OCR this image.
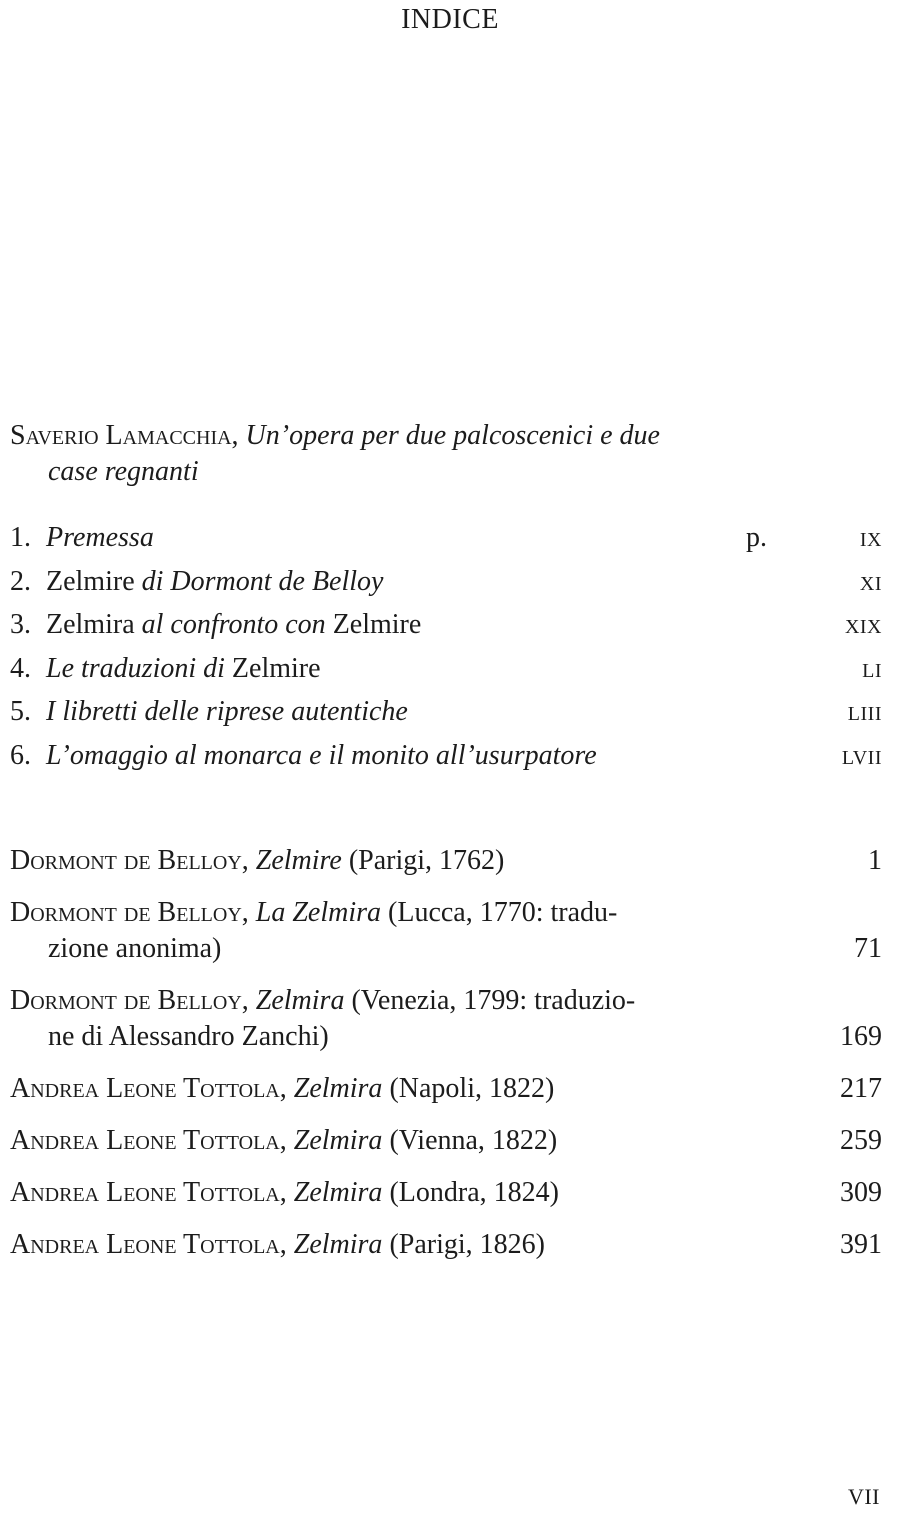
INDICE
Saverio Lamacchia, Un’opera per due palcoscenici e due
case regnanti
1. Premessa	p.	ix
2. Zelmire di Dormont de Belloy	xi
3. Zelmira al confronto con Zelmire	xix
4. Le traduzioni di Zelmire	li
5. I libretti delle riprese autentiche	liii
6. L’omaggio al monarca e il monito all’usurpatore	lvii
Dormont de Belloy, Zelmire (Parigi, 1762)	1
Dormont de Belloy, La Zelmira (Lucca, 1770: tradu-
zione anonima)	71
Dormont de Belloy, Zelmira (Venezia, 1799: traduzio-
ne di Alessandro Zanchi)	169
Andrea Leone Tottola, Zelmira (Napoli, 1822)	217
Andrea Leone Tottola, Zelmira (Vienna, 1822)	259
Andrea Leone Tottola, Zelmira (Londra, 1824)	309
Andrea Leone Tottola, Zelmira (Parigi, 1826)	391
VII
